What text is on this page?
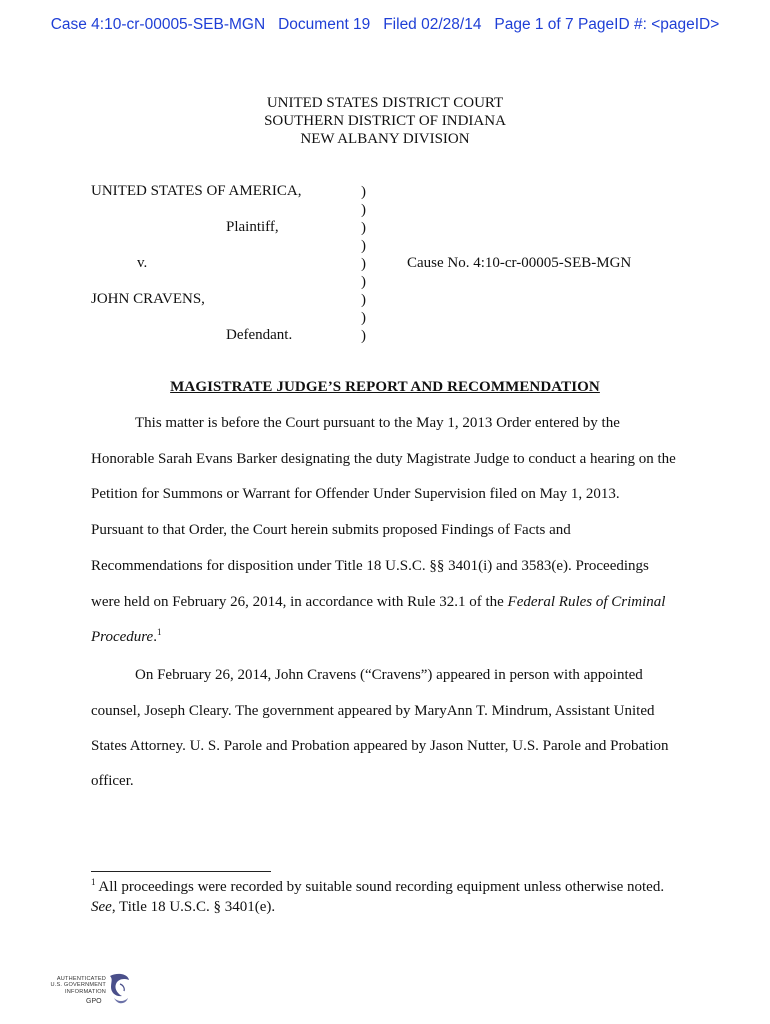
Case 4:10-cr-00005-SEB-MGN   Document 19   Filed 02/28/14   Page 1 of 7 PageID #: <pageID>
UNITED STATES DISTRICT COURT
SOUTHERN DISTRICT OF INDIANA
NEW ALBANY DIVISION
UNITED STATES OF AMERICA,
Plaintiff,
v.
JOHN CRAVENS,
Defendant.
)
)
)
)
)
)
)
)
)
Cause No. 4:10-cr-00005-SEB-MGN
MAGISTRATE JUDGE’S REPORT AND RECOMMENDATION
This matter is before the Court pursuant to the May 1, 2013 Order entered by the
Honorable Sarah Evans Barker designating the duty Magistrate Judge to conduct a hearing on the
Petition for Summons or Warrant for Offender Under Supervision filed on May 1, 2013.
Pursuant to that Order, the Court herein submits proposed Findings of Facts and
Recommendations for disposition under Title 18 U.S.C. §§ 3401(i) and 3583(e). Proceedings
were held on February 26, 2014, in accordance with Rule 32.1 of the Federal Rules of Criminal
Procedure.$^1$
On February 26, 2014, John Cravens (“Cravens”) appeared in person with appointed
counsel, Joseph Cleary. The government appeared by MaryAnn T. Mindrum, Assistant United
States Attorney. U. S. Parole and Probation appeared by Jason Nutter, U.S. Parole and Probation
officer.
$^1$ All proceedings were recorded by suitable sound recording equipment unless otherwise noted.
See, Title 18 U.S.C. § 3401(e).
AUTHENTICATED
U.S. GOVERNMENT
INFORMATION
GPO
